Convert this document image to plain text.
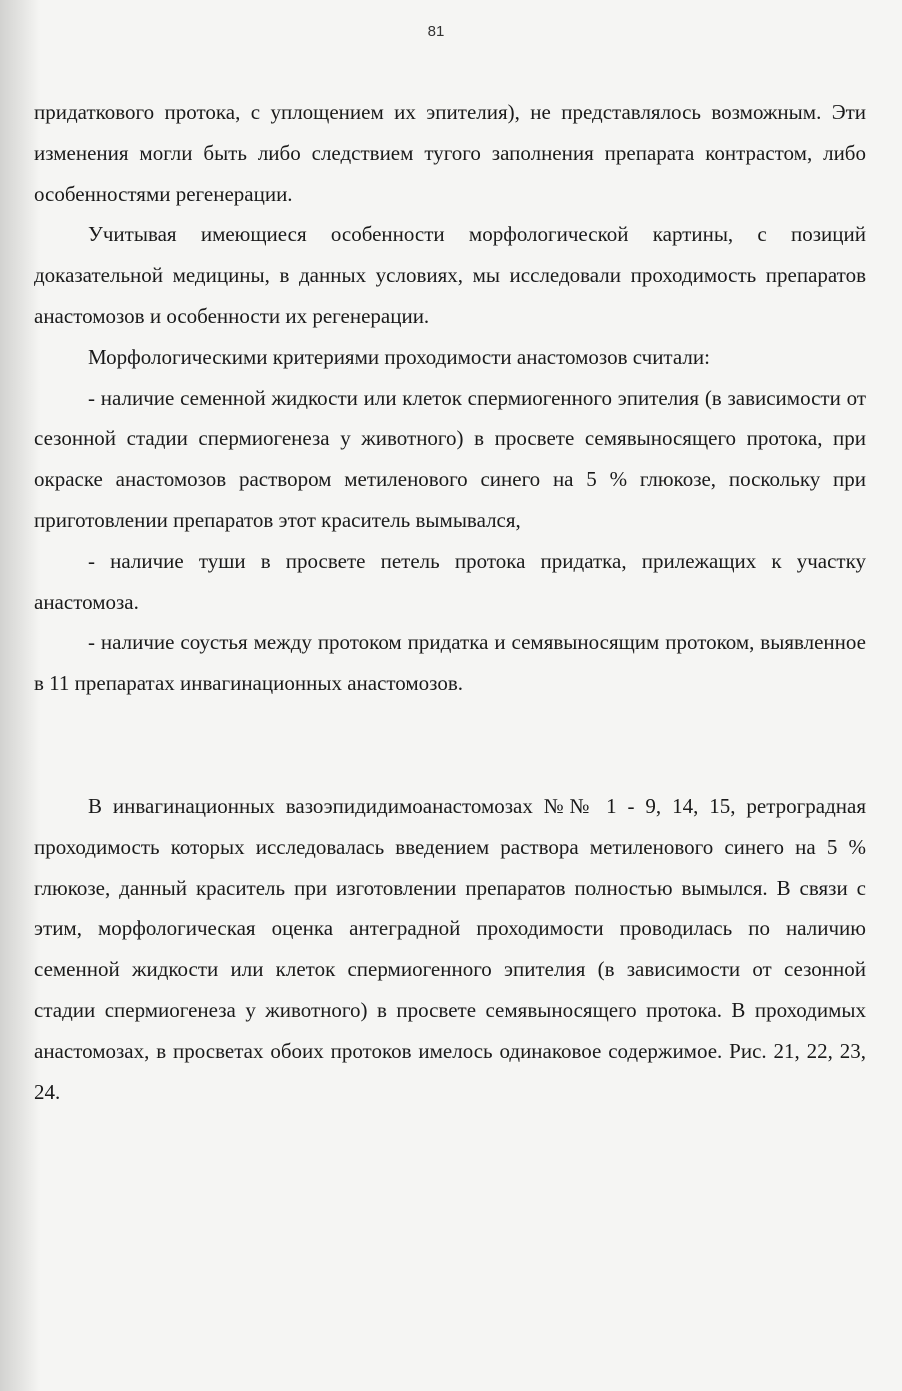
81

придаткового протока, с уплощением их эпителия), не представлялось возможным. Эти изменения могли быть либо следствием тугого заполнения препарата контрастом, либо особенностями регенерации.

Учитывая имеющиеся особенности морфологической картины, с позиций доказательной медицины, в данных условиях, мы исследовали проходимость препаратов анастомозов и особенности их регенерации.

Морфологическими критериями проходимости анастомозов считали:

- наличие семенной жидкости или клеток спермиогенного эпителия (в зависимости от сезонной стадии спермиогенеза у животного) в просвете семявыносящего протока, при окраске анастомозов раствором метиленового синего на 5 % глюкозе, поскольку при приготовлении препаратов этот краситель вымывался,

- наличие туши в просвете петель протока придатка, прилежащих к участку анастомоза.

- наличие соустья между протоком придатка и семявыносящим протоком, выявленное в 11 препаратах инвагинационных анастомозов.

В инвагинационных вазоэпидидимоанастомозах №№ 1 - 9, 14, 15, ретроградная проходимость которых исследовалась введением раствора метиленового синего на 5 % глюкозе, данный краситель при изготовлении препаратов полностью вымылся. В связи с этим, морфологическая оценка антеградной проходимости проводилась по наличию семенной жидкости или клеток спермиогенного эпителия (в зависимости от сезонной стадии спермиогенеза у животного) в просвете семявыносящего протока. В проходимых анастомозах, в просветах обоих протоков имелось одинаковое содержимое. Рис. 21, 22, 23, 24.
